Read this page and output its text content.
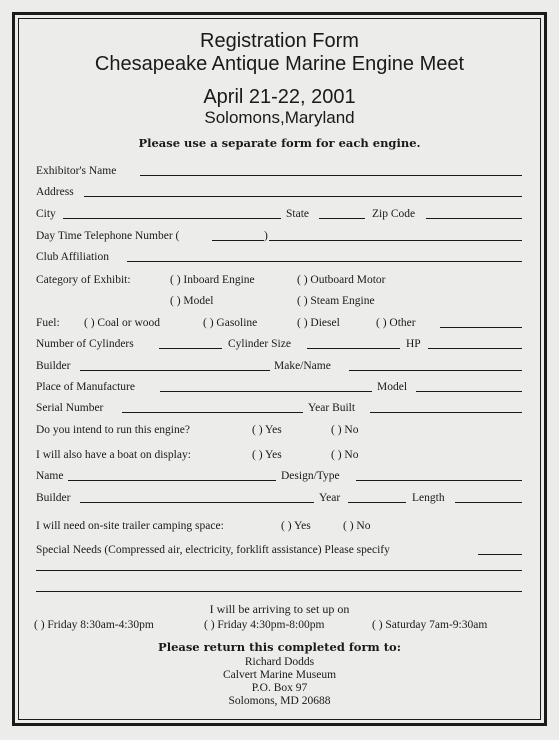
Registration Form
Chesapeake Antique Marine Engine Meet
April 21-22, 2001
Solomons,Maryland
Please use a separate form for each engine.
Exhibitor's Name
Address
City	State	Zip Code
Day Time Telephone Number (	)
Club Affiliation
Category of Exhibit:	( ) Inboard Engine	( ) Outboard Motor
( ) Model	( ) Steam Engine
Fuel: ( ) Coal or wood	( ) Gasoline	( ) Diesel	( ) Other
Number of Cylinders	Cylinder Size	HP
Builder	Make/Name
Place of Manufacture	Model
Serial Number	Year Built
Do you intend to run this engine?	( ) Yes	( ) No
I will also have a boat on display:	( ) Yes	( ) No
Name	Design/Type
Builder	Year	Length
I will need on-site trailer camping space:	( ) Yes	( ) No
Special Needs (Compressed air, electricity, forklift assistance) Please specify
I will be arriving to set up on
( ) Friday 8:30am-4:30pm	( ) Friday 4:30pm-8:00pm	( ) Saturday 7am-9:30am
Please return this completed form to:
Richard Dodds
Calvert Marine Museum
P.O. Box 97
Solomons, MD 20688
